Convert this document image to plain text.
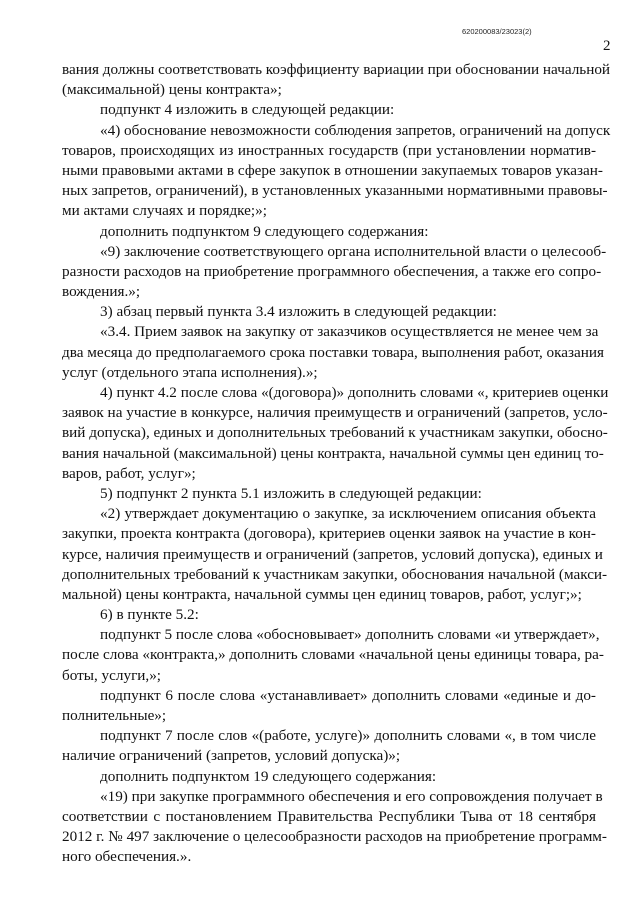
620200083/23023(2)
2
вания должны соответствовать коэффициенту вариации при обосновании начальной
(максимальной) цены контракта»;
подпункт 4 изложить в следующей редакции:
«4) обоснование невозможности соблюдения запретов, ограничений на допуск
товаров, происходящих из иностранных государств (при установлении норматив-
ными правовыми актами в сфере закупок в отношении закупаемых товаров указан-
ных запретов, ограничений), в установленных указанными нормативными правовы-
ми актами случаях и порядке;»;
дополнить подпунктом 9 следующего содержания:
«9) заключение соответствующего органа исполнительной власти о целесооб-
разности расходов на приобретение программного обеспечения, а также его сопро-
вождения.»;
3) абзац первый пункта 3.4 изложить в следующей редакции:
«3.4. Прием заявок на закупку от заказчиков осуществляется не менее чем за
два месяца до предполагаемого срока поставки товара, выполнения работ, оказания
услуг (отдельного этапа исполнения).»;
4) пункт 4.2 после слова «(договора)» дополнить словами «, критериев оценки
заявок на участие в конкурсе, наличия преимуществ и ограничений (запретов, усло-
вий допуска), единых и дополнительных требований к участникам закупки, обосно-
вания начальной (максимальной) цены контракта, начальной суммы цен единиц то-
варов, работ, услуг»;
5) подпункт 2 пункта 5.1 изложить в следующей редакции:
«2) утверждает документацию о закупке, за исключением описания объекта
закупки, проекта контракта (договора), критериев оценки заявок на участие в кон-
курсе, наличия преимуществ и ограничений (запретов, условий допуска), единых и
дополнительных требований к участникам закупки, обоснования начальной (макси-
мальной) цены контракта, начальной суммы цен единиц товаров, работ, услуг;»;
6) в пункте 5.2:
подпункт 5 после слова «обосновывает» дополнить словами «и утверждает»,
после слова «контракта,» дополнить словами «начальной цены единицы товара, ра-
боты, услуги,»;
подпункт 6 после слова «устанавливает» дополнить словами «единые и до-
полнительные»;
подпункт 7 после слов «(работе, услуге)» дополнить словами «, в том числе
наличие ограничений (запретов, условий допуска)»;
дополнить подпунктом 19 следующего содержания:
«19) при закупке программного обеспечения и его сопровождения получает в
соответствии с постановлением Правительства Республики Тыва от 18 сентября
2012 г. № 497 заключение о целесообразности расходов на приобретение программ-
ного обеспечения.».
